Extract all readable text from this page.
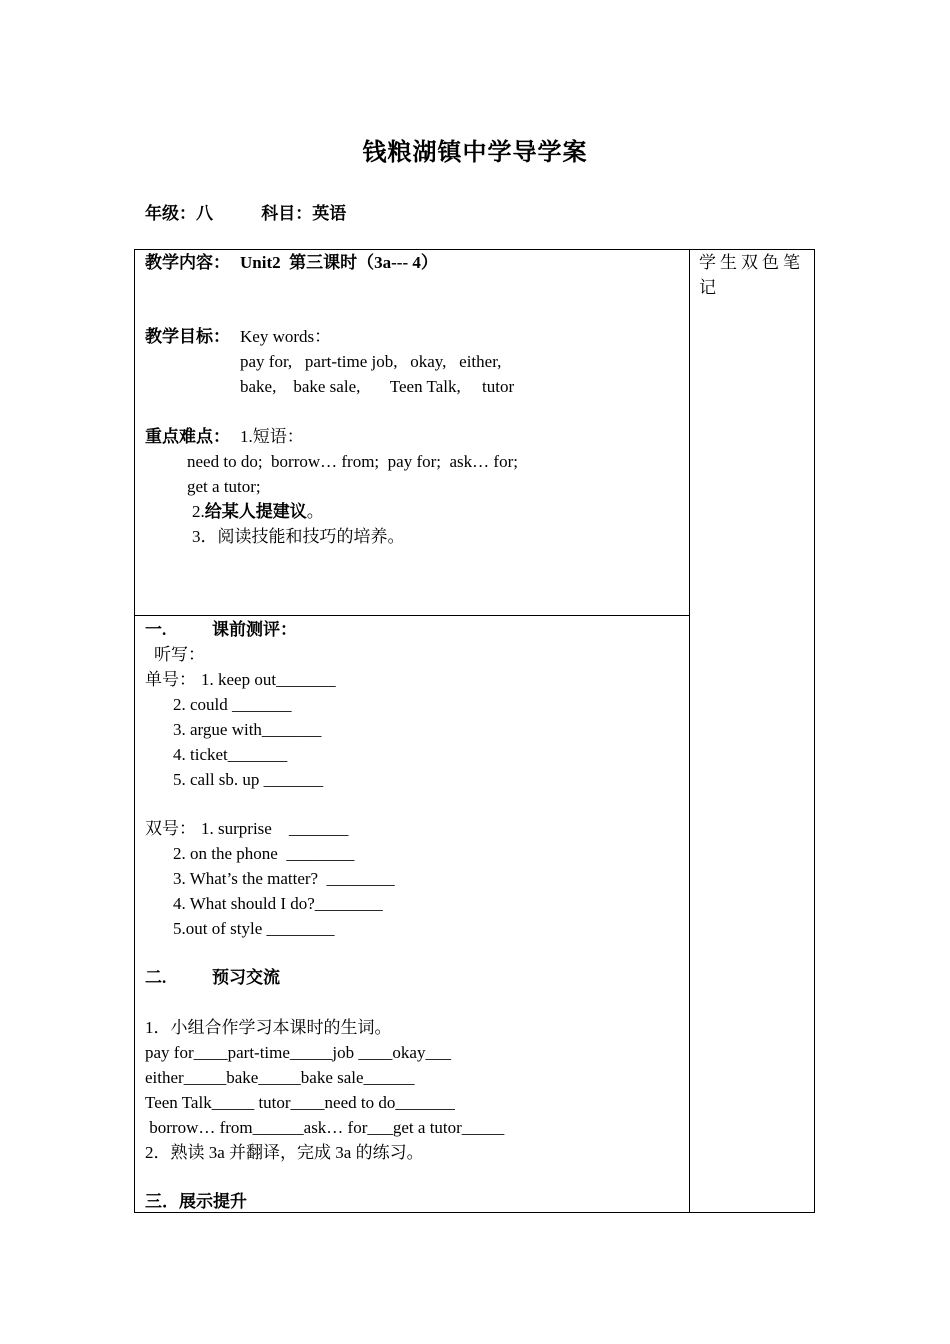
钱粮湖镇中学导学案
年级：八	科目：英语
学生双色笔记
教学内容： Unit2  第三课时（3a--- 4）
教学目标： Key words：
pay for,   part-time job,   okay,   either,
bake,    bake sale,       Teen Talk,     tutor
重点难点： 1.短语：
need to do;  borrow… from;  pay for;  ask… for;
get a tutor;
2.给某人提建议。
3．阅读技能和技巧的培养。
一.	课前测评：
听写：
单号： 1. keep out_______
2. could _______
3. argue with_______
4. ticket_______
5. call sb. up _______
双号： 1. surprise    _______
2. on the phone  ________
3. What’s the matter?  ________
4. What should I do?________
5.out of style ________
二.	预习交流
1．小组合作学习本课时的生词。
pay for____part-time_____job ____okay___
either_____bake_____bake sale______
Teen Talk_____ tutor____need to do_______
borrow… from______ask… for___get a tutor_____
2．熟读 3a 并翻译，完成 3a 的练习。
三．展示提升
